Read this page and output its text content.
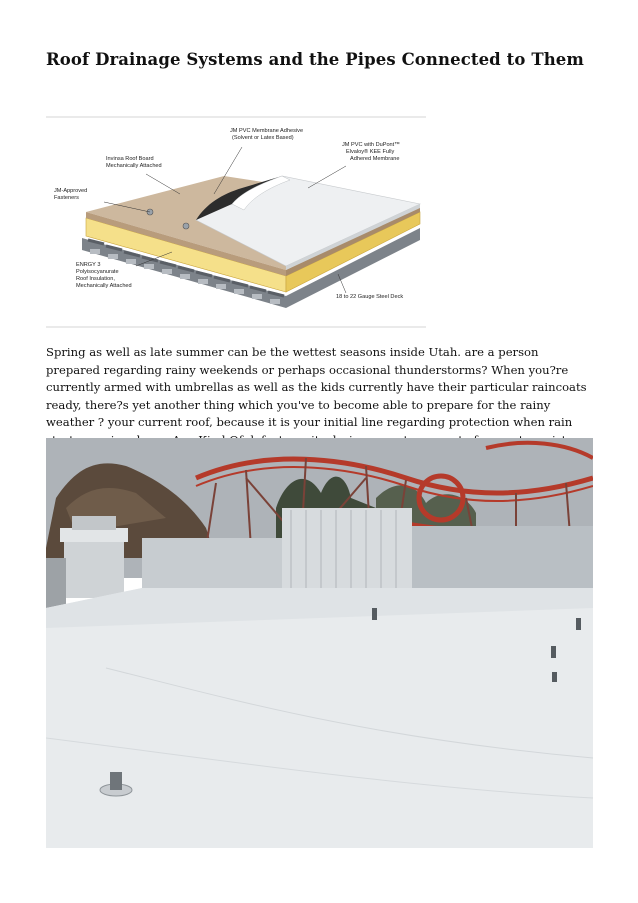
Roof Drainage Systems and the Pipes Connected to Them
JM PVC Membrane Adhesive
(Solvent or Latex Based)
Invinsa Roof Board
Mechanically Attached
JM PVC with DuPont™
Elvaloy® KEE Fully
Adhered Membrane
JM-Approved
Fasteners
ENRGY 3
Polyisocyanurate
Roof Insulation,
Mechanically Attached
18 to 22 Gauge Steel Deck

Spring as well as late summer can be the wettest seasons inside Utah. are a person prepared regarding rainy weekends or perhaps occasional thunderstorms? When you?re currently armed with umbrellas as well as the kids currently have their particular raincoats ready, there?s yet another thing which you've to become able to prepare for the rainy weather ? your current roof, because it is your initial line regarding protection when rain
